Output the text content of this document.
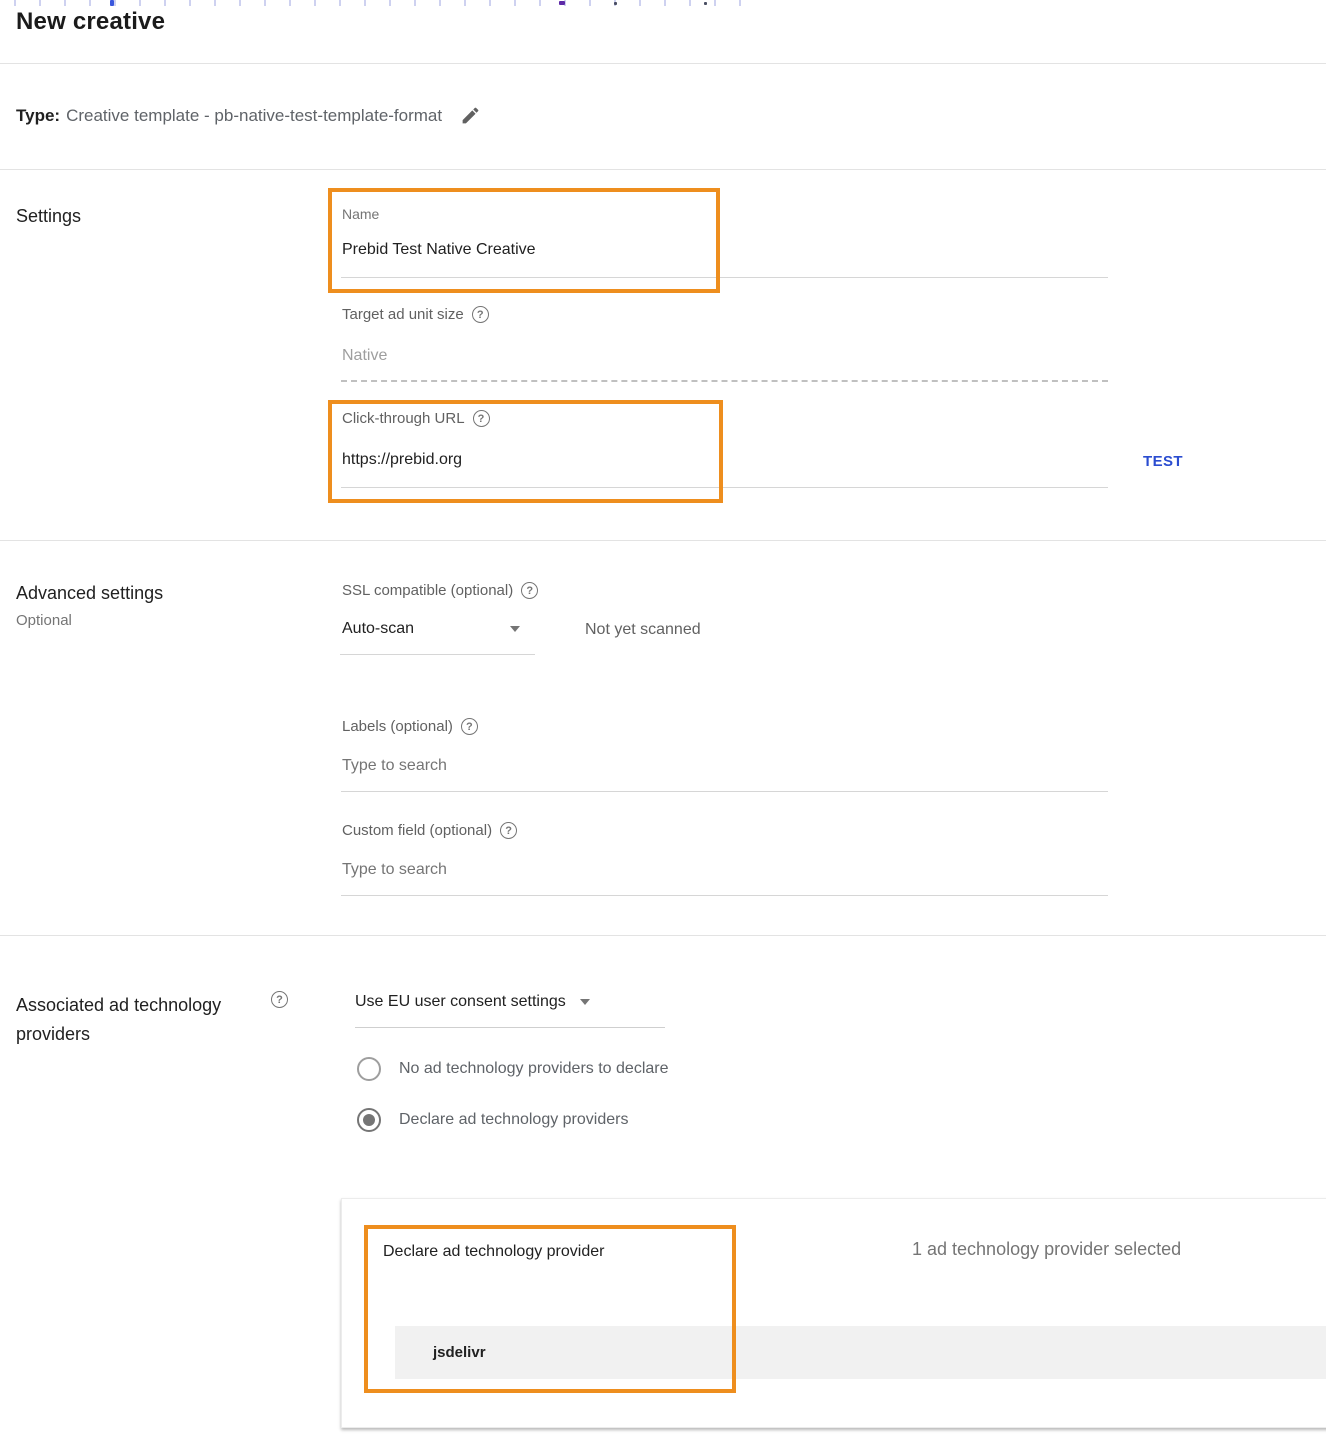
New creative
Type: Creative template - pb-native-test-template-format
Settings	Name
Prebid Test Native Creative
Target ad unit size	?
Native
Click-through URL	?
https://prebid.org	TEST
Advanced settings
Optional
SSL compatible (optional)	?
Auto-scan	Not yet scanned
Labels (optional)	?
Type to search
Custom field (optional)	?
Type to search
Associated ad technology providers
?	Use EU user consent settings
No ad technology providers to declare
Declare ad technology providers
Declare ad technology provider	1 ad technology provider selected
jsdelivr
